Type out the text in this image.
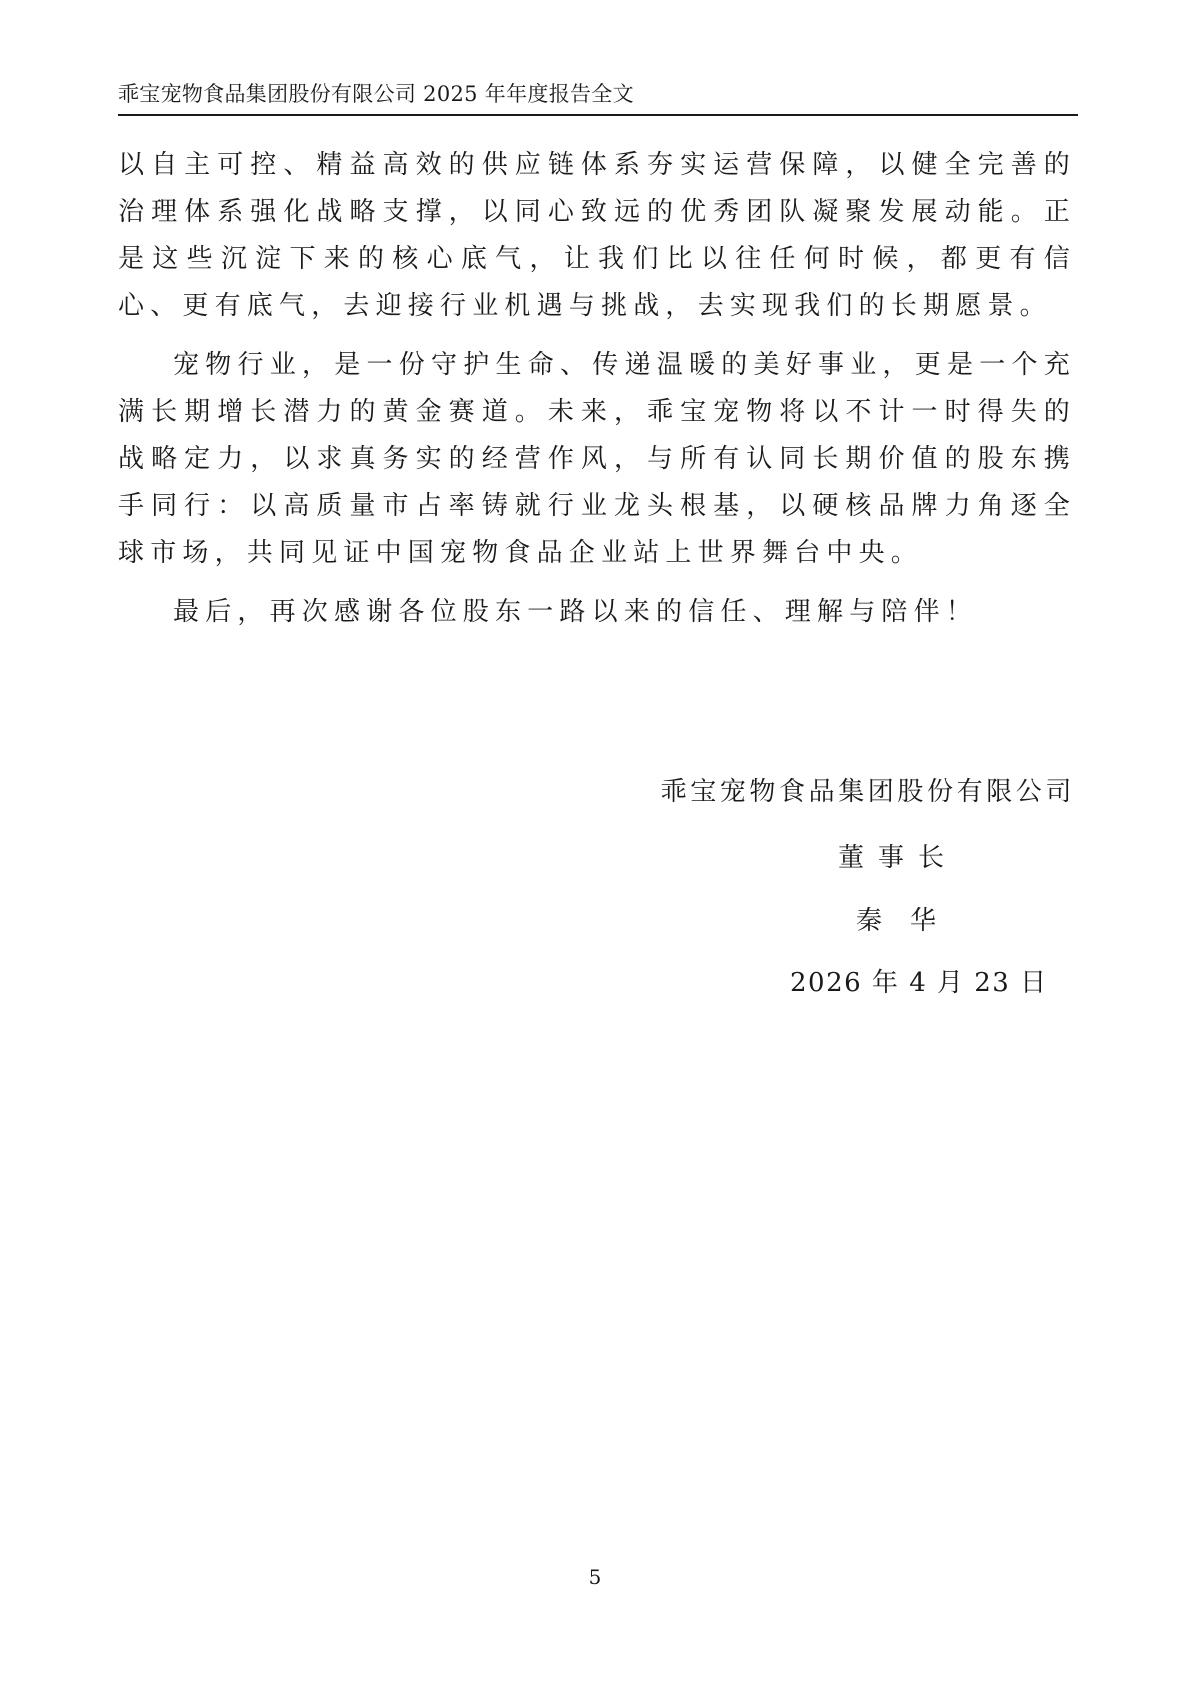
乖宝宠物食品集团股份有限公司 2025 年年度报告全文

以自主可控、精益高效的供应链体系夯实运营保障，以健全完善的治理体系强化战略支撑，以同心致远的优秀团队凝聚发展动能。正是这些沉淀下来的核心底气，让我们比以往任何时候，都更有信心、更有底气，去迎接行业机遇与挑战，去实现我们的长期愿景。

宠物行业，是一份守护生命、传递温暖的美好事业，更是一个充满长期增长潜力的黄金赛道。未来，乖宝宠物将以不计一时得失的战略定力，以求真务实的经营作风，与所有认同长期价值的股东携手同行：以高质量市占率铸就行业龙头根基，以硬核品牌力角逐全球市场，共同见证中国宠物食品企业站上世界舞台中央。

最后，再次感谢各位股东一路以来的信任、理解与陪伴！

乖宝宠物食品集团股份有限公司
董事长
秦华
2026 年 4 月 23 日
5
